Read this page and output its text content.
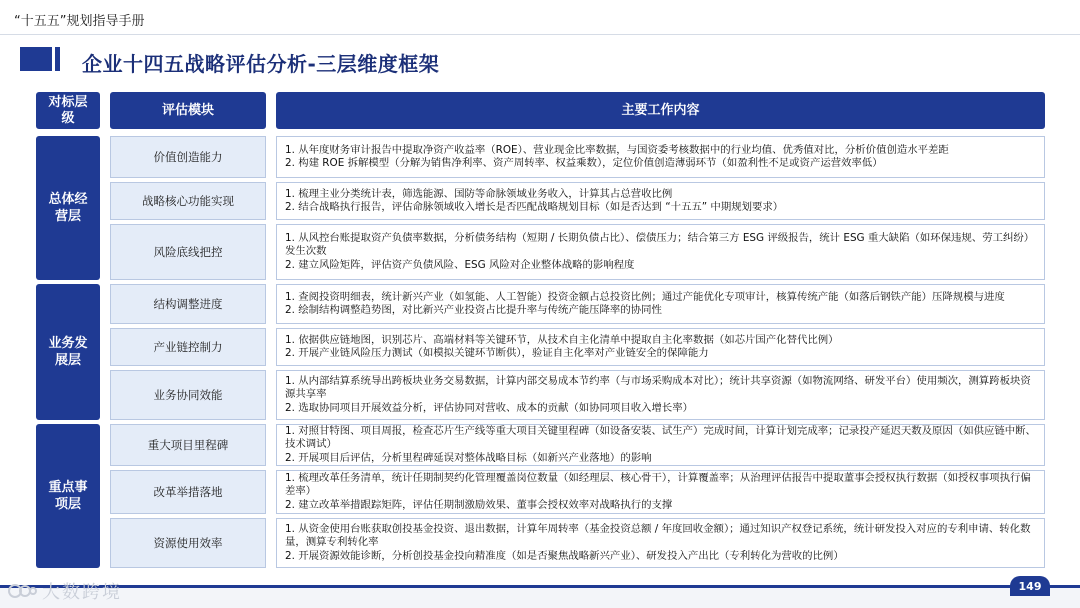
“十五五”规划指导手册
企业十四五战略评估分析-三层维度框架
对标层级
评估模块	主要工作内容
总体经营层
业务发展层
重点事项层
价值创造能力
1. 从年度财务审计报告中提取净资产收益率（ROE）、营业现金比率数据，与国资委考核数据中的行业均值、优秀值对比，分析价值创造水平差距
2. 构建 ROE 拆解模型（分解为销售净利率、资产周转率、权益乘数），定位价值创造薄弱环节（如盈利性不足或资产运营效率低）
战略核心功能实现
1. 梳理主业分类统计表，筛选能源、国防等命脉领域业务收入，计算其占总营收比例
2. 结合战略执行报告，评估命脉领域收入增长是否匹配战略规划目标（如是否达到 “十五五” 中期规划要求）
风险底线把控
1. 从风控台账提取资产负债率数据，分析债务结构（短期 / 长期负债占比）、偿债压力；结合第三方 ESG 评级报告，统计 ESG 重大缺陷（如环保违规、劳工纠纷）发生次数
2. 建立风险矩阵，评估资产负债风险、ESG 风险对企业整体战略的影响程度
结构调整进度
1. 查阅投资明细表，统计新兴产业（如氢能、人工智能）投资金额占总投资比例；通过产能优化专项审计，核算传统产能（如落后钢铁产能）压降规模与进度
2. 绘制结构调整趋势图，对比新兴产业投资占比提升率与传统产能压降率的协同性
产业链控制力
1. 依据供应链地图，识别芯片、高端材料等关键环节，从技术自主化清单中提取自主化率数据（如芯片国产化替代比例）
2. 开展产业链风险压力测试（如模拟关键环节断供），验证自主化率对产业链安全的保障能力
业务协同效能
1. 从内部结算系统导出跨板块业务交易数据，计算内部交易成本节约率（与市场采购成本对比）；统计共享资源（如物流网络、研发平台）使用频次，测算跨板块资源共享率
2. 选取协同项目开展效益分析，评估协同对营收、成本的贡献（如协同项目收入增长率）
重大项目里程碑
1. 对照甘特图、项目周报，检查芯片生产线等重大项目关键里程碑（如设备安装、试生产）完成时间，计算计划完成率；记录投产延迟天数及原因（如供应链中断、技术调试）
2. 开展项目后评估，分析里程碑延误对整体战略目标（如新兴产业落地）的影响
改革举措落地
1. 梳理改革任务清单，统计任期制契约化管理覆盖岗位数量（如经理层、核心骨干），计算覆盖率；从治理评估报告中提取董事会授权执行数据（如授权事项执行偏差率）
2. 建立改革举措跟踪矩阵，评估任期制激励效果、董事会授权效率对战略执行的支撑
资源使用效率
1. 从资金使用台账获取创投基金投资、退出数据，计算年周转率（基金投资总额 / 年度回收金额）；通过知识产权登记系统，统计研发投入对应的专利申请、转化数量，测算专利转化率
2. 开展资源效能诊断，分析创投基金投向精准度（如是否聚焦战略新兴产业）、研发投入产出比（专利转化为营收的比例）
大数跨境	149
